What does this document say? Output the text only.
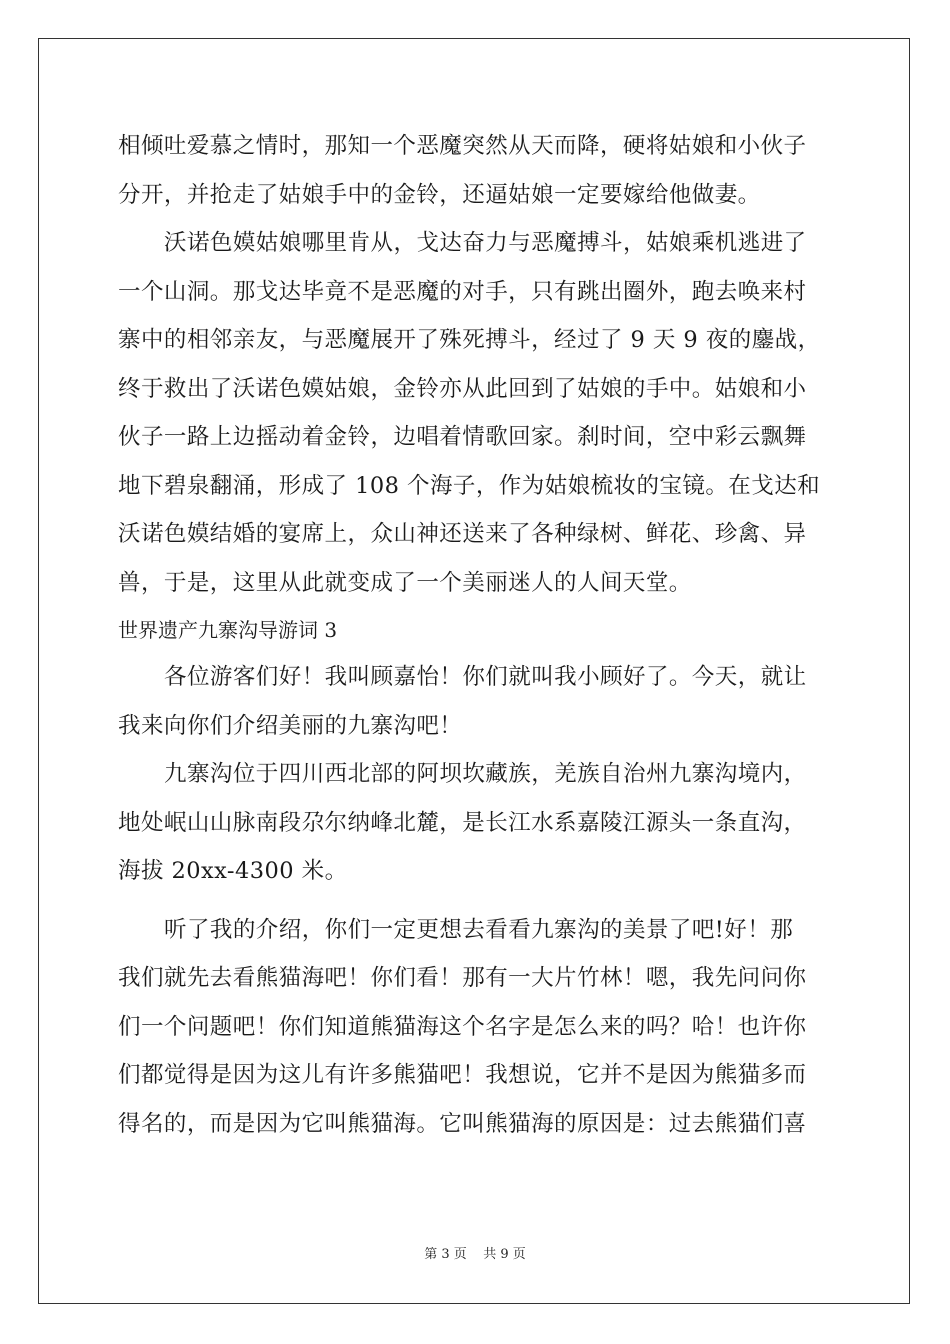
相倾吐爱慕之情时，那知一个恶魔突然从天而降，硬将姑娘和小伙子
分开，并抢走了姑娘手中的金铃，还逼姑娘一定要嫁给他做妻。
沃诺色嫫姑娘哪里肯从，戈达奋力与恶魔搏斗，姑娘乘机逃进了
一个山洞。那戈达毕竟不是恶魔的对手，只有跳出圈外，跑去唤来村
寨中的相邻亲友，与恶魔展开了殊死搏斗，经过了 9 天 9 夜的鏖战，
终于救出了沃诺色嫫姑娘，金铃亦从此回到了姑娘的手中。姑娘和小
伙子一路上边摇动着金铃，边唱着情歌回家。刹时间，空中彩云飘舞
地下碧泉翻涌，形成了 108 个海子，作为姑娘梳妆的宝镜。在戈达和
沃诺色嫫结婚的宴席上，众山神还送来了各种绿树、鲜花、珍禽、异
兽，于是，这里从此就变成了一个美丽迷人的人间天堂。
世界遗产九寨沟导游词 3
各位游客们好！我叫顾嘉怡！你们就叫我小顾好了。今天，就让
我来向你们介绍美丽的九寨沟吧！
九寨沟位于四川西北部的阿坝坎藏族，羌族自治州九寨沟境内，
地处岷山山脉南段尕尔纳峰北麓，是长江水系嘉陵江源头一条直沟，
海拔 20xx-4300 米。
听了我的介绍，你们一定更想去看看九寨沟的美景了吧!好！那
我们就先去看熊猫海吧！你们看！那有一大片竹林！嗯，我先问问你
们一个问题吧！你们知道熊猫海这个名字是怎么来的吗？哈！也许你
们都觉得是因为这儿有许多熊猫吧！我想说，它并不是因为熊猫多而
得名的，而是因为它叫熊猫海。它叫熊猫海的原因是：过去熊猫们喜
第 3 页    共 9 页
